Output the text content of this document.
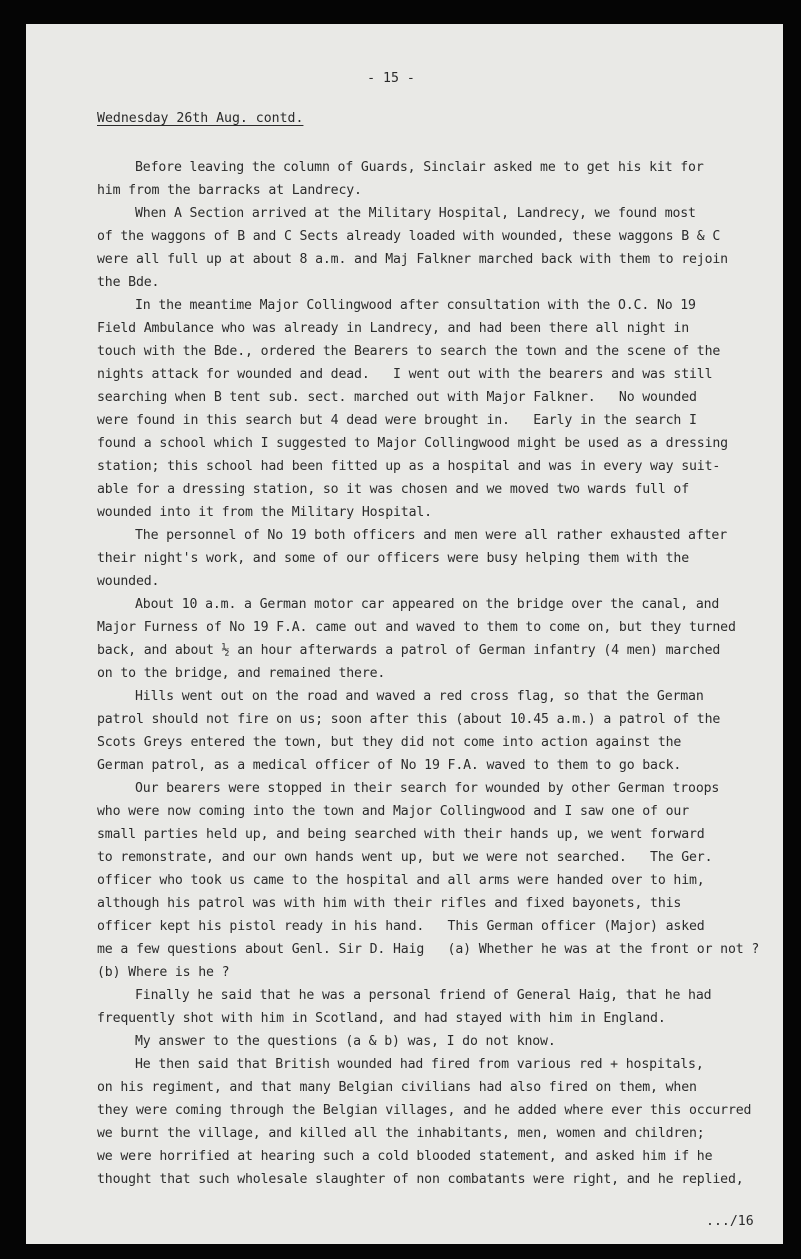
- 15 -
Wednesday 26th Aug. contd.
Before leaving the column of Guards, Sinclair asked me to get his kit for
him from the barracks at Landrecy.
When A Section arrived at the Military Hospital, Landrecy, we found most
of the waggons of B and C Sects already loaded with wounded, these waggons B & C
were all full up at about 8 a.m. and Maj Falkner marched back with them to rejoin
the Bde.
In the meantime Major Collingwood after consultation with the O.C. No 19
Field Ambulance who was already in Landrecy, and had been there all night in
touch with the Bde., ordered the Bearers to search the town and the scene of the
nights attack for wounded and dead.   I went out with the bearers and was still
searching when B tent sub. sect. marched out with Major Falkner.   No wounded
were found in this search but 4 dead were brought in.   Early in the search I
found a school which I suggested to Major Collingwood might be used as a dressing
station; this school had been fitted up as a hospital and was in every way suit-
able for a dressing station, so it was chosen and we moved two wards full of
wounded into it from the Military Hospital.
The personnel of No 19 both officers and men were all rather exhausted after
their night's work, and some of our officers were busy helping them with the
wounded.
About 10 a.m. a German motor car appeared on the bridge over the canal, and
Major Furness of No 19 F.A. came out and waved to them to come on, but they turned
back, and about ½ an hour afterwards a patrol of German infantry (4 men) marched
on to the bridge, and remained there.
Hills went out on the road and waved a red cross flag, so that the German
patrol should not fire on us; soon after this (about 10.45 a.m.) a patrol of the
Scots Greys entered the town, but they did not come into action against the
German patrol, as a medical officer of No 19 F.A. waved to them to go back.
Our bearers were stopped in their search for wounded by other German troops
who were now coming into the town and Major Collingwood and I saw one of our
small parties held up, and being searched with their hands up, we went forward
to remonstrate, and our own hands went up, but we were not searched.   The Ger.
officer who took us came to the hospital and all arms were handed over to him,
although his patrol was with him with their rifles and fixed bayonets, this
officer kept his pistol ready in his hand.   This German officer (Major) asked
me a few questions about Genl. Sir D. Haig   (a) Whether he was at the front or not ?
(b) Where is he ?
Finally he said that he was a personal friend of General Haig, that he had
frequently shot with him in Scotland, and had stayed with him in England.
My answer to the questions (a & b) was, I do not know.
He then said that British wounded had fired from various red + hospitals,
on his regiment, and that many Belgian civilians had also fired on them, when
they were coming through the Belgian villages, and he added where ever this occurred
we burnt the village, and killed all the inhabitants, men, women and children;
we were horrified at hearing such a cold blooded statement, and asked him if he
thought that such wholesale slaughter of non combatants were right, and he replied,
.../16
